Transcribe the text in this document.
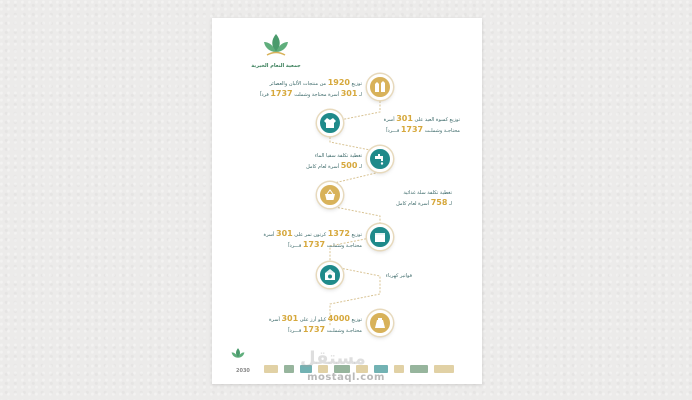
جمعية النعام الخيرية
توزيع 1920 من منتجات الألبان والعصائر
لـ 301 أسرة محتاجة وشملت 1737 فرداً
توزيع كسوة العيد على 301 أسرة
محتاجـة وشملـت 1737 فـــرداً
تغطية تكلفة سقيا الماء
لـ 500 أسرة لعام كامل
تغطية تكلفة سلة غذائية
لـ 758 أسرة لعام كامل
توزيع 1372 كرتون تمر على 301 أسرة
محتاجـة وشملـت 1737 فـــرداً
فواتير كهرباء
توزيع 4000 كيلو أرز على 301 أسرة
محتاجـة وشملـت 1737 فـــرداً
2030
مستقل
mostaql.com
